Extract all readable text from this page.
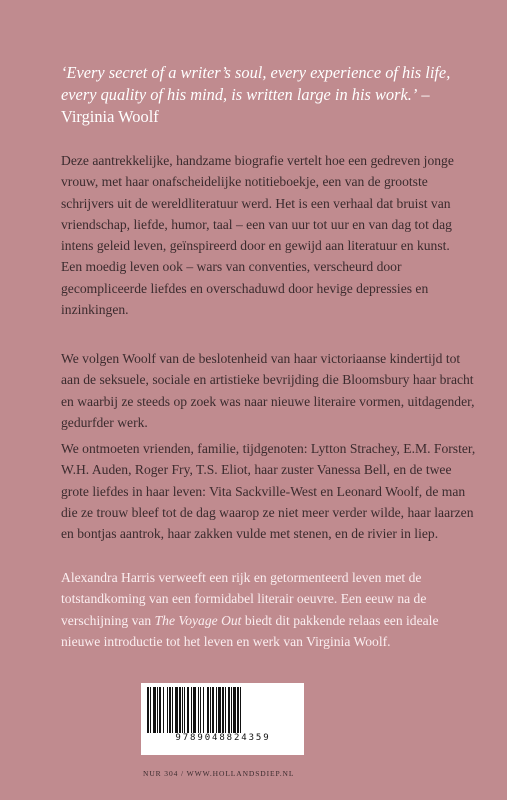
‘Every secret of a writer’s soul, every experience of his life, every quality of his mind, is written large in his work.’ – Virginia Woolf

Deze aantrekkelijke, handzame biografie vertelt hoe een gedreven jonge vrouw, met haar onafscheidelijke notitieboekje, een van de grootste schrijvers uit de wereldliteratuur werd. Het is een verhaal dat bruist van vriendschap, liefde, humor, taal – een van uur tot uur en van dag tot dag intens geleid leven, geïnspireerd door en gewijd aan literatuur en kunst.

Een moedig leven ook – wars van conventies, verscheurd door gecompliceerde liefdes en overschaduwd door hevige depressies en inzinkingen.

We volgen Woolf van de beslotenheid van haar victoriaanse kindertijd tot aan de seksuele, sociale en artistieke bevrijding die Bloomsbury haar bracht en waarbij ze steeds op zoek was naar nieuwe literaire vormen, uitdagender, gedurfder werk.

We ontmoeten vrienden, familie, tijdgenoten: Lytton Strachey, E.M. Forster, W.H. Auden, Roger Fry, T.S. Eliot, haar zuster Vanessa Bell, en de twee grote liefdes in haar leven: Vita Sackville-West en Leonard Woolf, de man die ze trouw bleef tot de dag waarop ze niet meer verder wilde, haar laarzen en bontjas aantrok, haar zakken vulde met stenen, en de rivier in liep.

Alexandra Harris verweeft een rijk en getormenteerd leven met de totstandkoming van een formidabel literair oeuvre. Een eeuw na de verschijning van The Voyage Out biedt dit pakkende relaas een ideale nieuwe introductie tot het leven en werk van Virginia Woolf.

9789048824359
NUR 304 / WWW.HOLLANDSDIEP.NL
